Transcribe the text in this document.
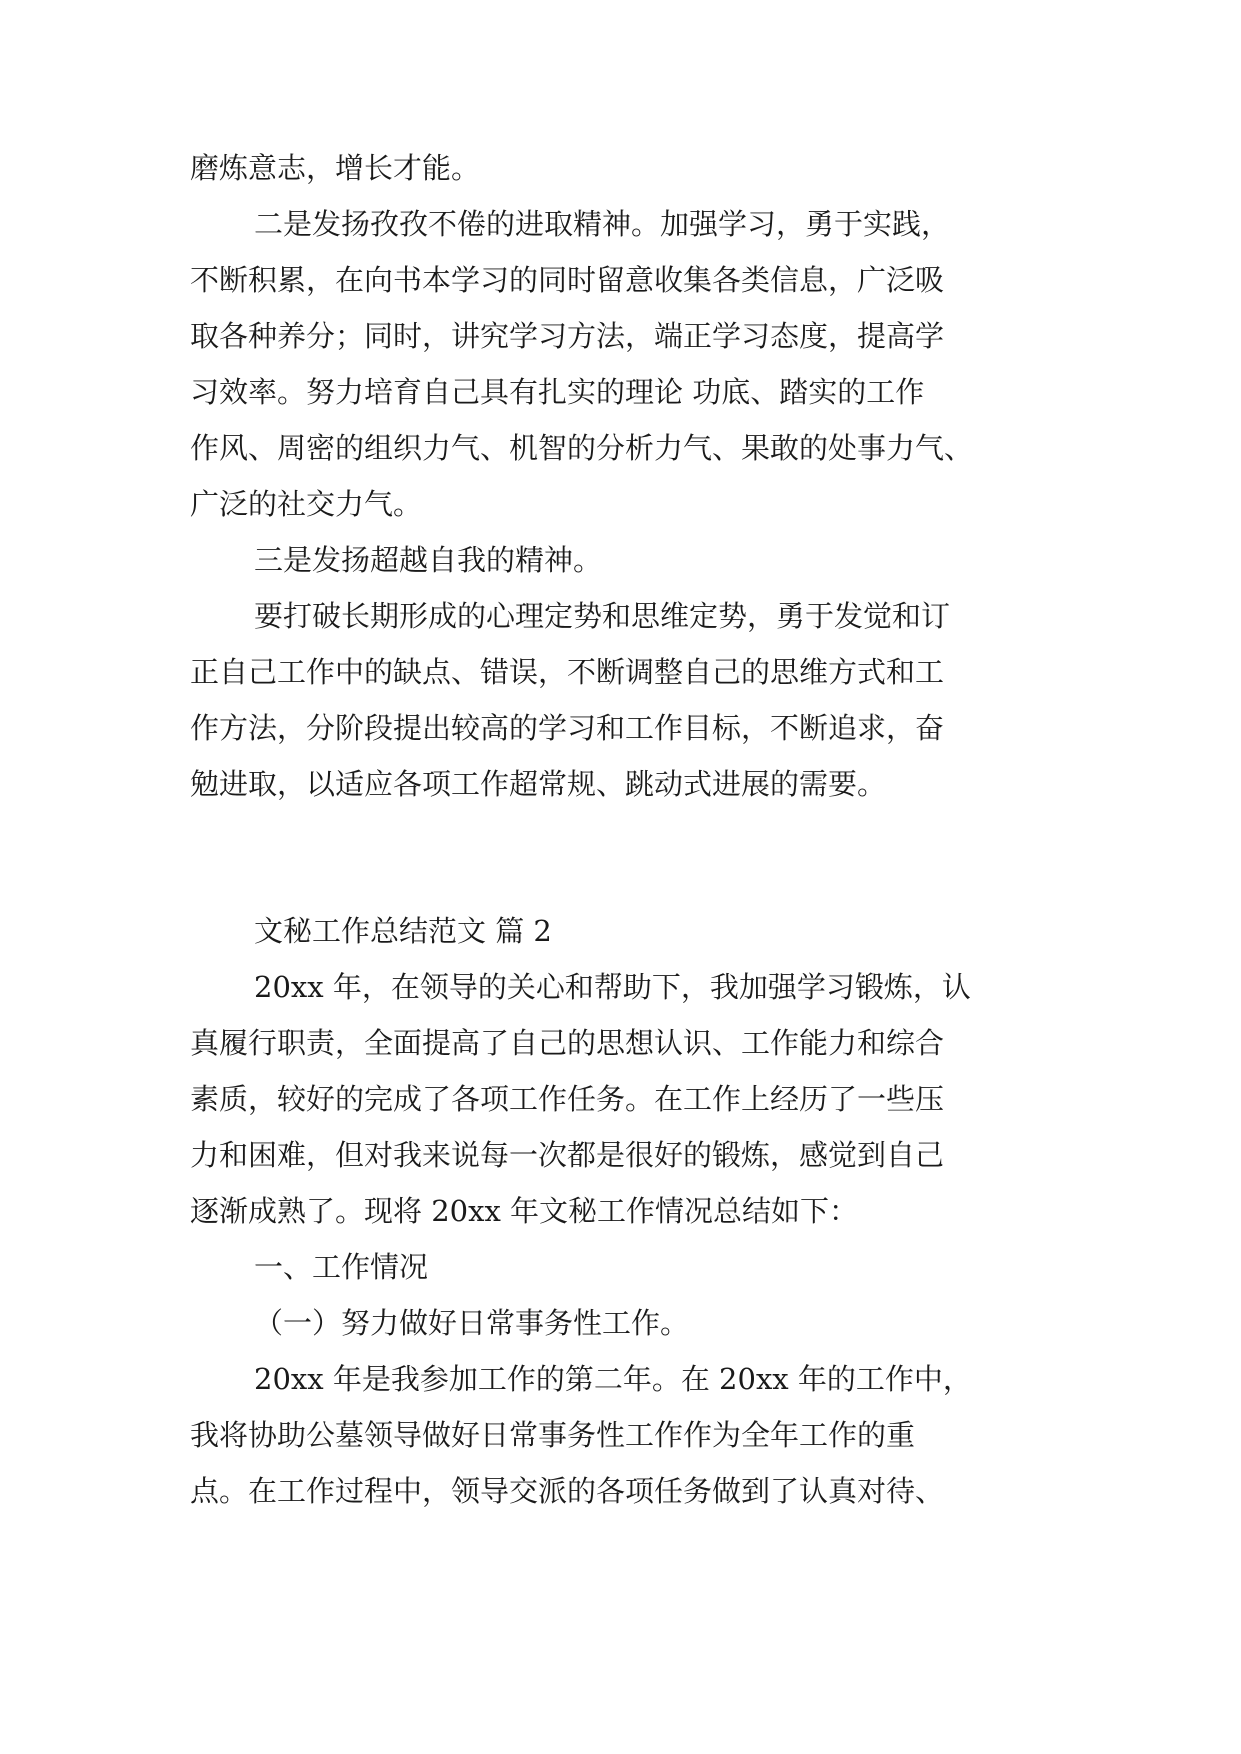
磨炼意志，增长才能。

二是发扬孜孜不倦的进取精神。加强学习，勇于实践，

不断积累，在向书本学习的同时留意收集各类信息，广泛吸

取各种养分；同时，讲究学习方法，端正学习态度，提高学

习效率。努力培育自己具有扎实的理论 功底、踏实的工作

作风、周密的组织力气、机智的分析力气、果敢的处事力气、

广泛的社交力气。

三是发扬超越自我的精神。

要打破长期形成的心理定势和思维定势，勇于发觉和订

正自己工作中的缺点、错误，不断调整自己的思维方式和工

作方法，分阶段提出较高的学习和工作目标，不断追求，奋

勉进取，以适应各项工作超常规、跳动式进展的需要。

文秘工作总结范文 篇 2

20xx 年，在领导的关心和帮助下，我加强学习锻炼，认

真履行职责，全面提高了自己的思想认识、工作能力和综合

素质，较好的完成了各项工作任务。在工作上经历了一些压

力和困难，但对我来说每一次都是很好的锻炼，感觉到自己

逐渐成熟了。现将 20xx 年文秘工作情况总结如下：

一、工作情况

（一）努力做好日常事务性工作。

20xx 年是我参加工作的第二年。在 20xx 年的工作中，

我将协助公墓领导做好日常事务性工作作为全年工作的重

点。在工作过程中，领导交派的各项任务做到了认真对待、
